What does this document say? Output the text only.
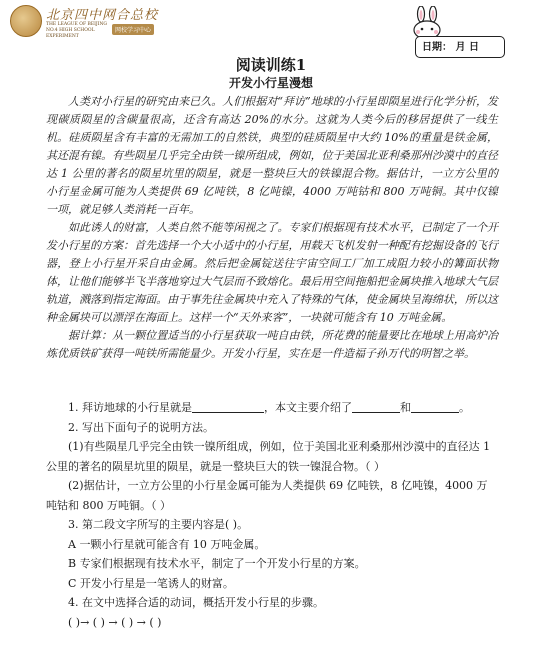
北京四中网合总校
THE LEAGUE OF BEIJING NO.4 HIGH SCHOOL EXPERIMENT
网校学习中心
日期： 月 日
阅读训练1
开发小行星漫想

人类对小行星的研究由来已久。人们根据对“拜访”地球的小行星即陨星进行化学分析，发现碳质陨星的含碳量很高，还含有高达 20%的水分。这就为人类今后的移居提供了一线生机。硅质陨星含有丰富的无需加工的自然铁，典型的硅质陨星中大约 10%的重量是铁金属，其还混有镍。有些陨星几乎完全由铁一镍所组成，例如，位于美国北亚利桑那州沙漠中的直径达 1 公里的著名的陨星坑里的陨星，就是一整块巨大的铁镍混合物。据估计，一立方公里的小行星金属可能为人类提供 69 亿吨铁，8 亿吨镍，4000 万吨钴和 800 万吨铜。其中仅镍一项，就足够人类消耗一百年。

如此诱人的财富，人类自然不能等闲视之了。专家们根据现有技术水平，已制定了一个开发小行星的方案：首先选择一个大小适中的小行星，用载天飞机发射一种配有挖掘设备的飞行器，登上小行星开采自由金属。然后把金属锭送往宇宙空间工厂加工成阻力较小的篝面状物体，让他们能够半飞半落地穿过大气层而不致熔化。最后用空间拖船把金属块推入地球大气层轨道，溅落到指定海面。由于事先往金属块中充入了特殊的气体，使金属块呈海绵状，所以这种金属块可以漂浮在海面上。这样一个“天外来客”，一块就可能含有 10 万吨金属。

据计算：从一颗位置适当的小行星获取一吨自由铁，所花费的能量要比在地球上用高炉冶炼优质铁矿获得一吨铁所需能量少。开发小行星，实在是一件造福子孙万代的明智之举。

1. 拜访地球的小行星就是	，本文主要介绍了	和	。

2. 写出下面句子的说明方法。

(1)有些陨星几乎完全由铁一镍所组成，例如，位于美国北亚利桑那州沙漠中的直径达 1 公里的著名的陨星坑里的陨星，就是一整块巨大的铁一镍混合物。（ ）

(2)据估计，一立方公里的小行星金属可能为人类提供 69 亿吨铁，8 亿吨镍，4000 万吨钴和 800 万吨铜。（ ）

3. 第二段文字所写的主要内容是( )。

A 一颗小行星就可能含有 10 万吨金属。

B 专家们根据现有技术水平，制定了一个开发小行星的方案。

C 开发小行星是一笔诱人的财富。

4. 在文中选择合适的动词，概括开发小行星的步骤。

( )→ ( ) → ( ) → ( )
